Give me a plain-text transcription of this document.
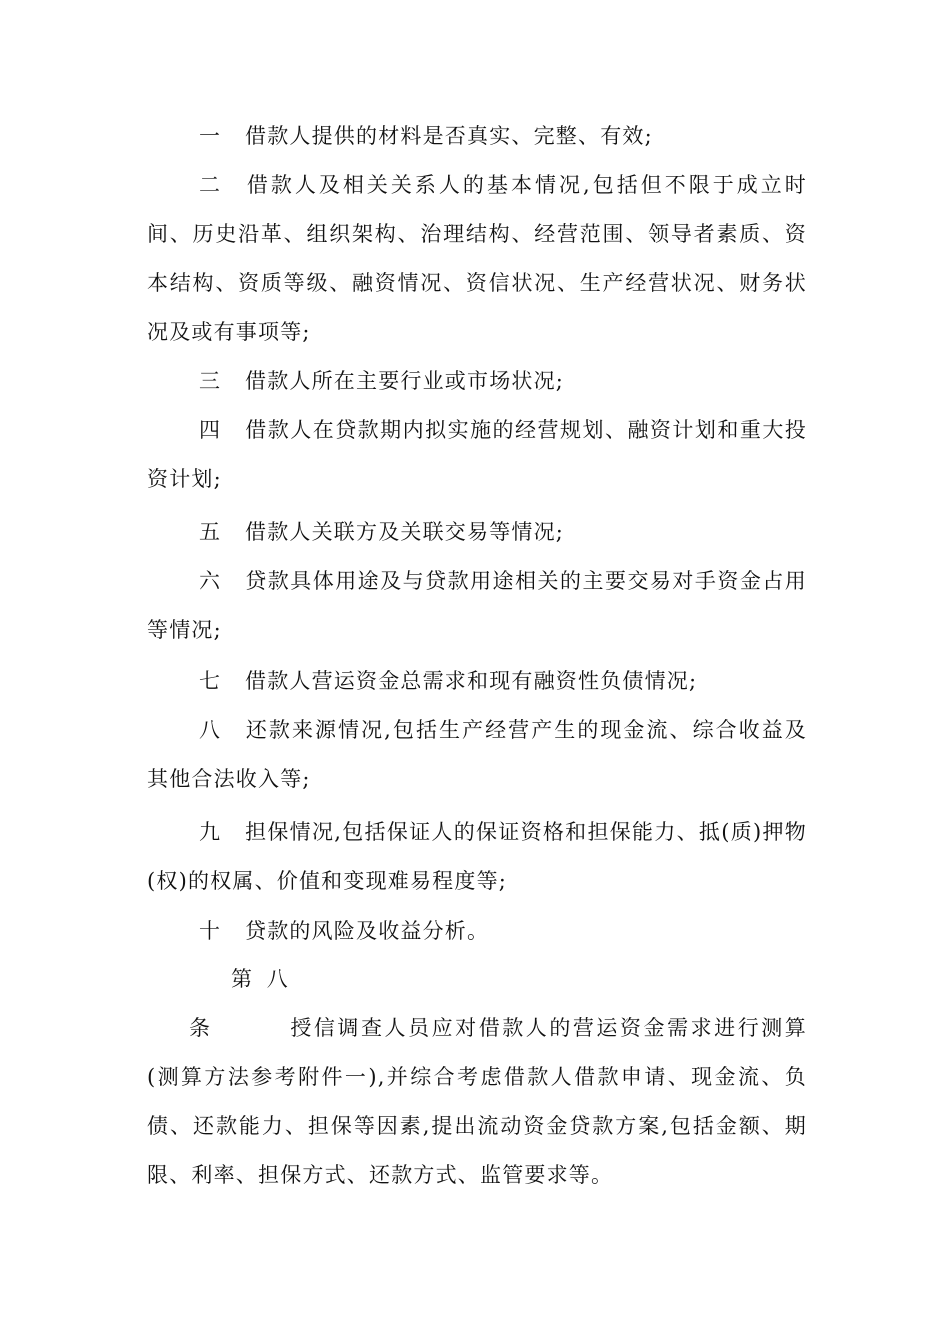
一 借款人提供的材料是否真实、完整、有效;

二 借款人及相关关系人的基本情况,包括但不限于成立时间、历史沿革、组织架构、治理结构、经营范围、领导者素质、资本结构、资质等级、融资情况、资信状况、生产经营状况、财务状况及或有事项等;

三 借款人所在主要行业或市场状况;

四 借款人在贷款期内拟实施的经营规划、融资计划和重大投资计划;

五 借款人关联方及关联交易等情况;

六 贷款具体用途及与贷款用途相关的主要交易对手资金占用等情况;

七 借款人营运资金总需求和现有融资性负债情况;

八 还款来源情况,包括生产经营产生的现金流、综合收益及其他合法收入等;

九 担保情况,包括保证人的保证资格和担保能力、抵(质)押物(权)的权属、价值和变现难易程度等;

十 贷款的风险及收益分析。

第八条	授信调查人员应对借款人的营运资金需求进行测算(测算方法参考附件一),并综合考虑借款人借款申请、现金流、负债、还款能力、担保等因素,提出流动资金贷款方案,包括金额、期限、利率、担保方式、还款方式、监管要求等。
